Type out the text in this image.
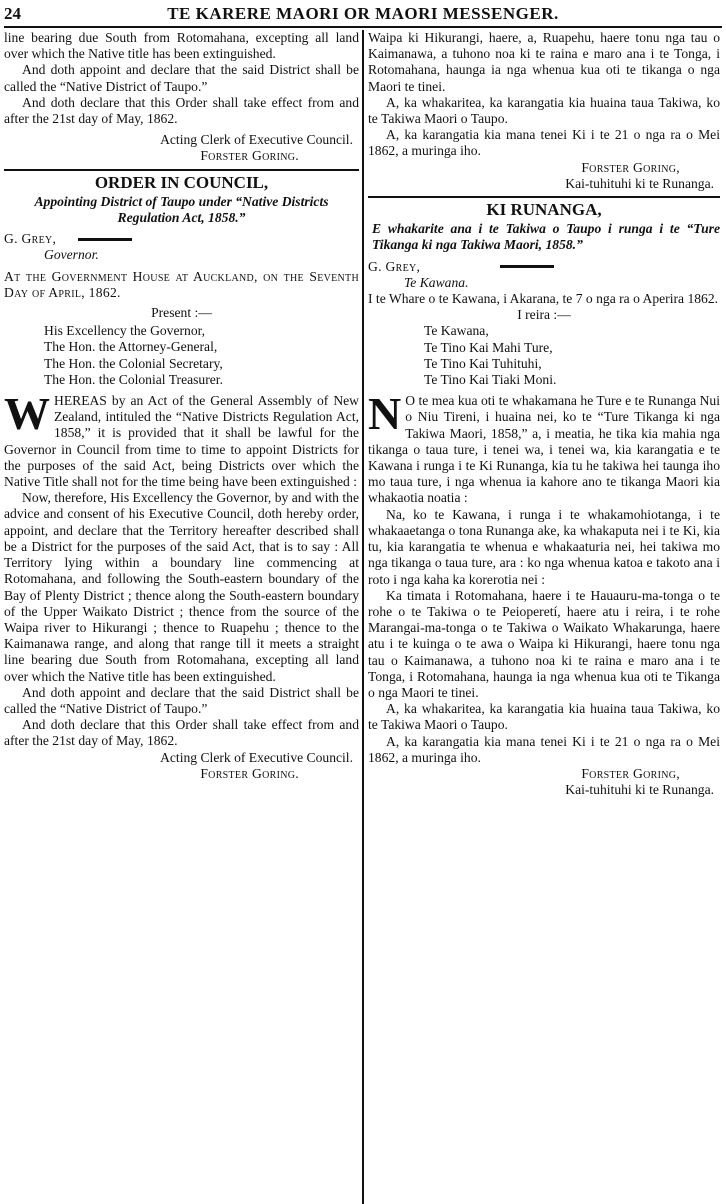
24	TE KARERE MAORI OR MAORI MESSENGER.

line bearing due South from Rotomahana, excepting all land over which the Native title has been extinguished.

And doth appoint and declare that the said District shall be called the “Native District of Taupo.”

And doth declare that this Order shall take effect from and after the 21st day of May, 1862.

Acting Clerk of Executive Council.

Forster Goring.

ORDER IN COUNCIL,

Appointing District of Taupo under “Native Districts Regulation Act, 1858.”

G. Grey,

Governor.

At the Government House at Auckland, on the Seventh Day of April, 1862.

Present :—

His Excellency the Governor,

The Hon. the Attorney-General,

The Hon. the Colonial Secretary,

The Hon. the Colonial Treasurer.

W HEREAS by an Act of the General Assembly of New Zealand, intituled the “Native Districts Regulation Act, 1858,” it is provided that it shall be lawful for the Governor in Council from time to time to appoint Districts for the purposes of the said Act, being Districts over which the Native Title shall not for the time being have been extinguished :

Now, therefore, His Excellency the Governor, by and with the advice and consent of his Executive Council, doth hereby order, appoint, and declare that the Territory hereafter described shall be a District for the purposes of the said Act, that is to say : All Territory lying within a boundary line commencing at Rotomahana, and following the South-eastern boundary of the Bay of Plenty District ; thence along the South-eastern boundary of the Upper Waikato District ; thence from the source of the Waipa river to Hikurangi ; thence to Ruapehu ; thence to the Kaimanawa range, and along that range till it meets a straight line bearing due South from Rotomahana, excepting all land over which the Native title has been extinguished.

And doth appoint and declare that the said District shall be called the “Native District of Taupo.”

And doth declare that this Order shall take effect from and after the 21st day of May, 1862.

Acting Clerk of Executive Council.

Forster Goring.

Waipa ki Hikurangi, haere, a, Ruapehu, haere tonu nga tau o Kaimanawa, a tuhono noa ki te raina e maro ana i te Tonga, i Rotomahana, haunga ia nga whenua kua oti te tikanga o nga Maori te tinei.

A, ka whakaritea, ka karangatia kia huaina taua Takiwa, ko te Takiwa Maori o Taupo.

A, ka karangatia kia mana tenei Ki i te 21 o nga ra o Mei 1862, a muringa iho.

Forster Goring,

Kai-tuhituhi ki te Runanga.

KI RUNANGA,

E whakarite ana i te Takiwa o Taupo i runga i te “Ture Tikanga ki nga Takiwa Maori, 1858.”

G. Grey,

Te Kawana.

I te Whare o te Kawana, i Akarana, te 7 o nga ra o Aperira 1862.

I reira :—

Te Kawana,

Te Tino Kai Mahi Ture,

Te Tino Kai Tuhituhi,

Te Tino Kai Tiaki Moni.

N O te mea kua oti te whakamana he Ture e te Runanga Nui o Niu Tireni, i huaina nei, ko te “Ture Tikanga ki nga Takiwa Maori, 1858,” a, i meatia, he tika kia mahia nga tikanga o taua ture, i tenei wa, i tenei wa, kia karangatia e te Kawana i runga i te Ki Runanga, kia tu he takiwa hei taunga iho mo taua ture, i nga whenua ia kahore ano te tikanga Maori kia whakaotia noatia :

Na, ko te Kawana, i runga i te whakamohiotanga, i te whakaaetanga o tona Runanga ake, ka whakaputa nei i te Ki, kia tu, kia karangatia te whenua e whakaaturia nei, hei takiwa mo nga tikanga o taua ture, ara : ko nga whenua katoa e takoto ana i roto i nga kaha ka korerotia nei :

Ka timata i Rotomahana, haere i te Hauauru-ma-tonga o te rohe o te Takiwa o te Peioperetí, haere atu i reira, i te rohe Marangai-ma-tonga o te Takiwa o Waikato Whakarunga, haere atu i te kuinga o te awa o Waipa ki Hikurangi, haere tonu nga tau o Kaimanawa, a tuhono noa ki te raina e maro ana i te Tonga, i Rotomahana, haunga ia nga whenua kua oti te Tikanga o nga Maori te tinei.

A, ka whakaritea, ka karangatia kia huaina taua Takiwa, ko te Takiwa Maori o Taupo.

A, ka karangatia kia mana tenei Ki i te 21 o nga ra o Mei 1862, a muringa iho.

Forster Goring,

Kai-tuhituhi ki te Runanga.
